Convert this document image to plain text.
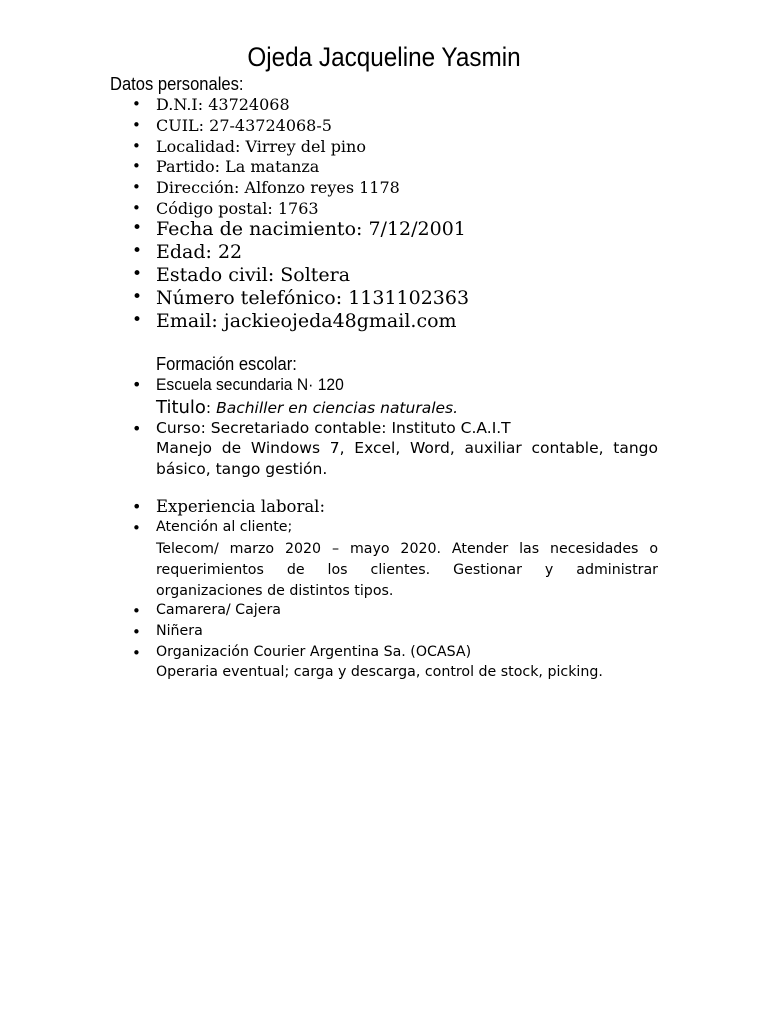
Ojeda Jacqueline Yasmin
Datos personales:
• D.N.I: 43724068
• CUIL: 27-43724068-5
• Localidad: Virrey del pino
• Partido: La matanza
• Dirección: Alfonzo reyes 1178
• Código postal: 1763
• Fecha de nacimiento: 7/12/2001
• Edad: 22
• Estado civil: Soltera
• Número telefónico: 1131102363
• Email: jackieojeda48gmail.com
Formación escolar:
• Escuela secundaria N· 120
Titulo: Bachiller en ciencias naturales.
• Curso: Secretariado contable: Instituto C.A.I.T
Manejo de Windows 7, Excel, Word, auxiliar contable, tango básico, tango gestión.
• Experiencia laboral:
• Atención al cliente;
Telecom/ marzo 2020 – mayo 2020. Atender las necesidades o requerimientos de los clientes. Gestionar y administrar organizaciones de distintos tipos.
• Camarera/ Cajera
• Niñera
• Organización Courier Argentina Sa. (OCASA)
Operaria eventual; carga y descarga, control de stock, picking.
